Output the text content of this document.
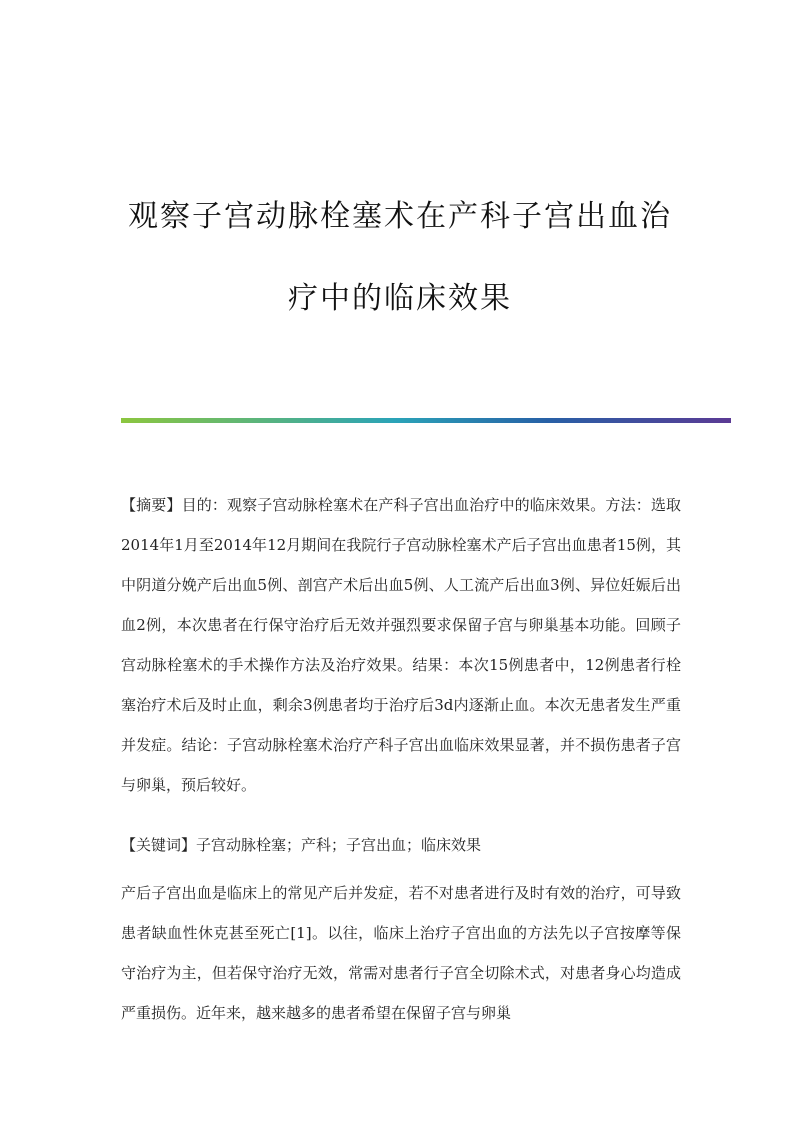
观察子宫动脉栓塞术在产科子宫出血治
疗中的临床效果
【摘要】目的：观察子宫动脉栓塞术在产科子宫出血治疗中的临床效果。方法：选取2014年1月至2014年12月期间在我院行子宫动脉栓塞术产后子宫出血患者15例，其中阴道分娩产后出血5例、剖宫产术后出血5例、人工流产后出血3例、异位妊娠后出血2例，本次患者在行保守治疗后无效并强烈要求保留子宫与卵巢基本功能。回顾子宫动脉栓塞术的手术操作方法及治疗效果。结果：本次15例患者中，12例患者行栓塞治疗术后及时止血，剩余3例患者均于治疗后3d内逐渐止血。本次无患者发生严重并发症。结论：子宫动脉栓塞术治疗产科子宫出血临床效果显著，并不损伤患者子宫与卵巢，预后较好。
【关键词】子宫动脉栓塞；产科；子宫出血；临床效果
产后子宫出血是临床上的常见产后并发症，若不对患者进行及时有效的治疗，可导致患者缺血性休克甚至死亡[1]。以往，临床上治疗子宫出血的方法先以子宫按摩等保守治疗为主，但若保守治疗无效，常需对患者行子宫全切除术式，对患者身心均造成严重损伤。近年来，越来越多的患者希望在保留子宫与卵巢
